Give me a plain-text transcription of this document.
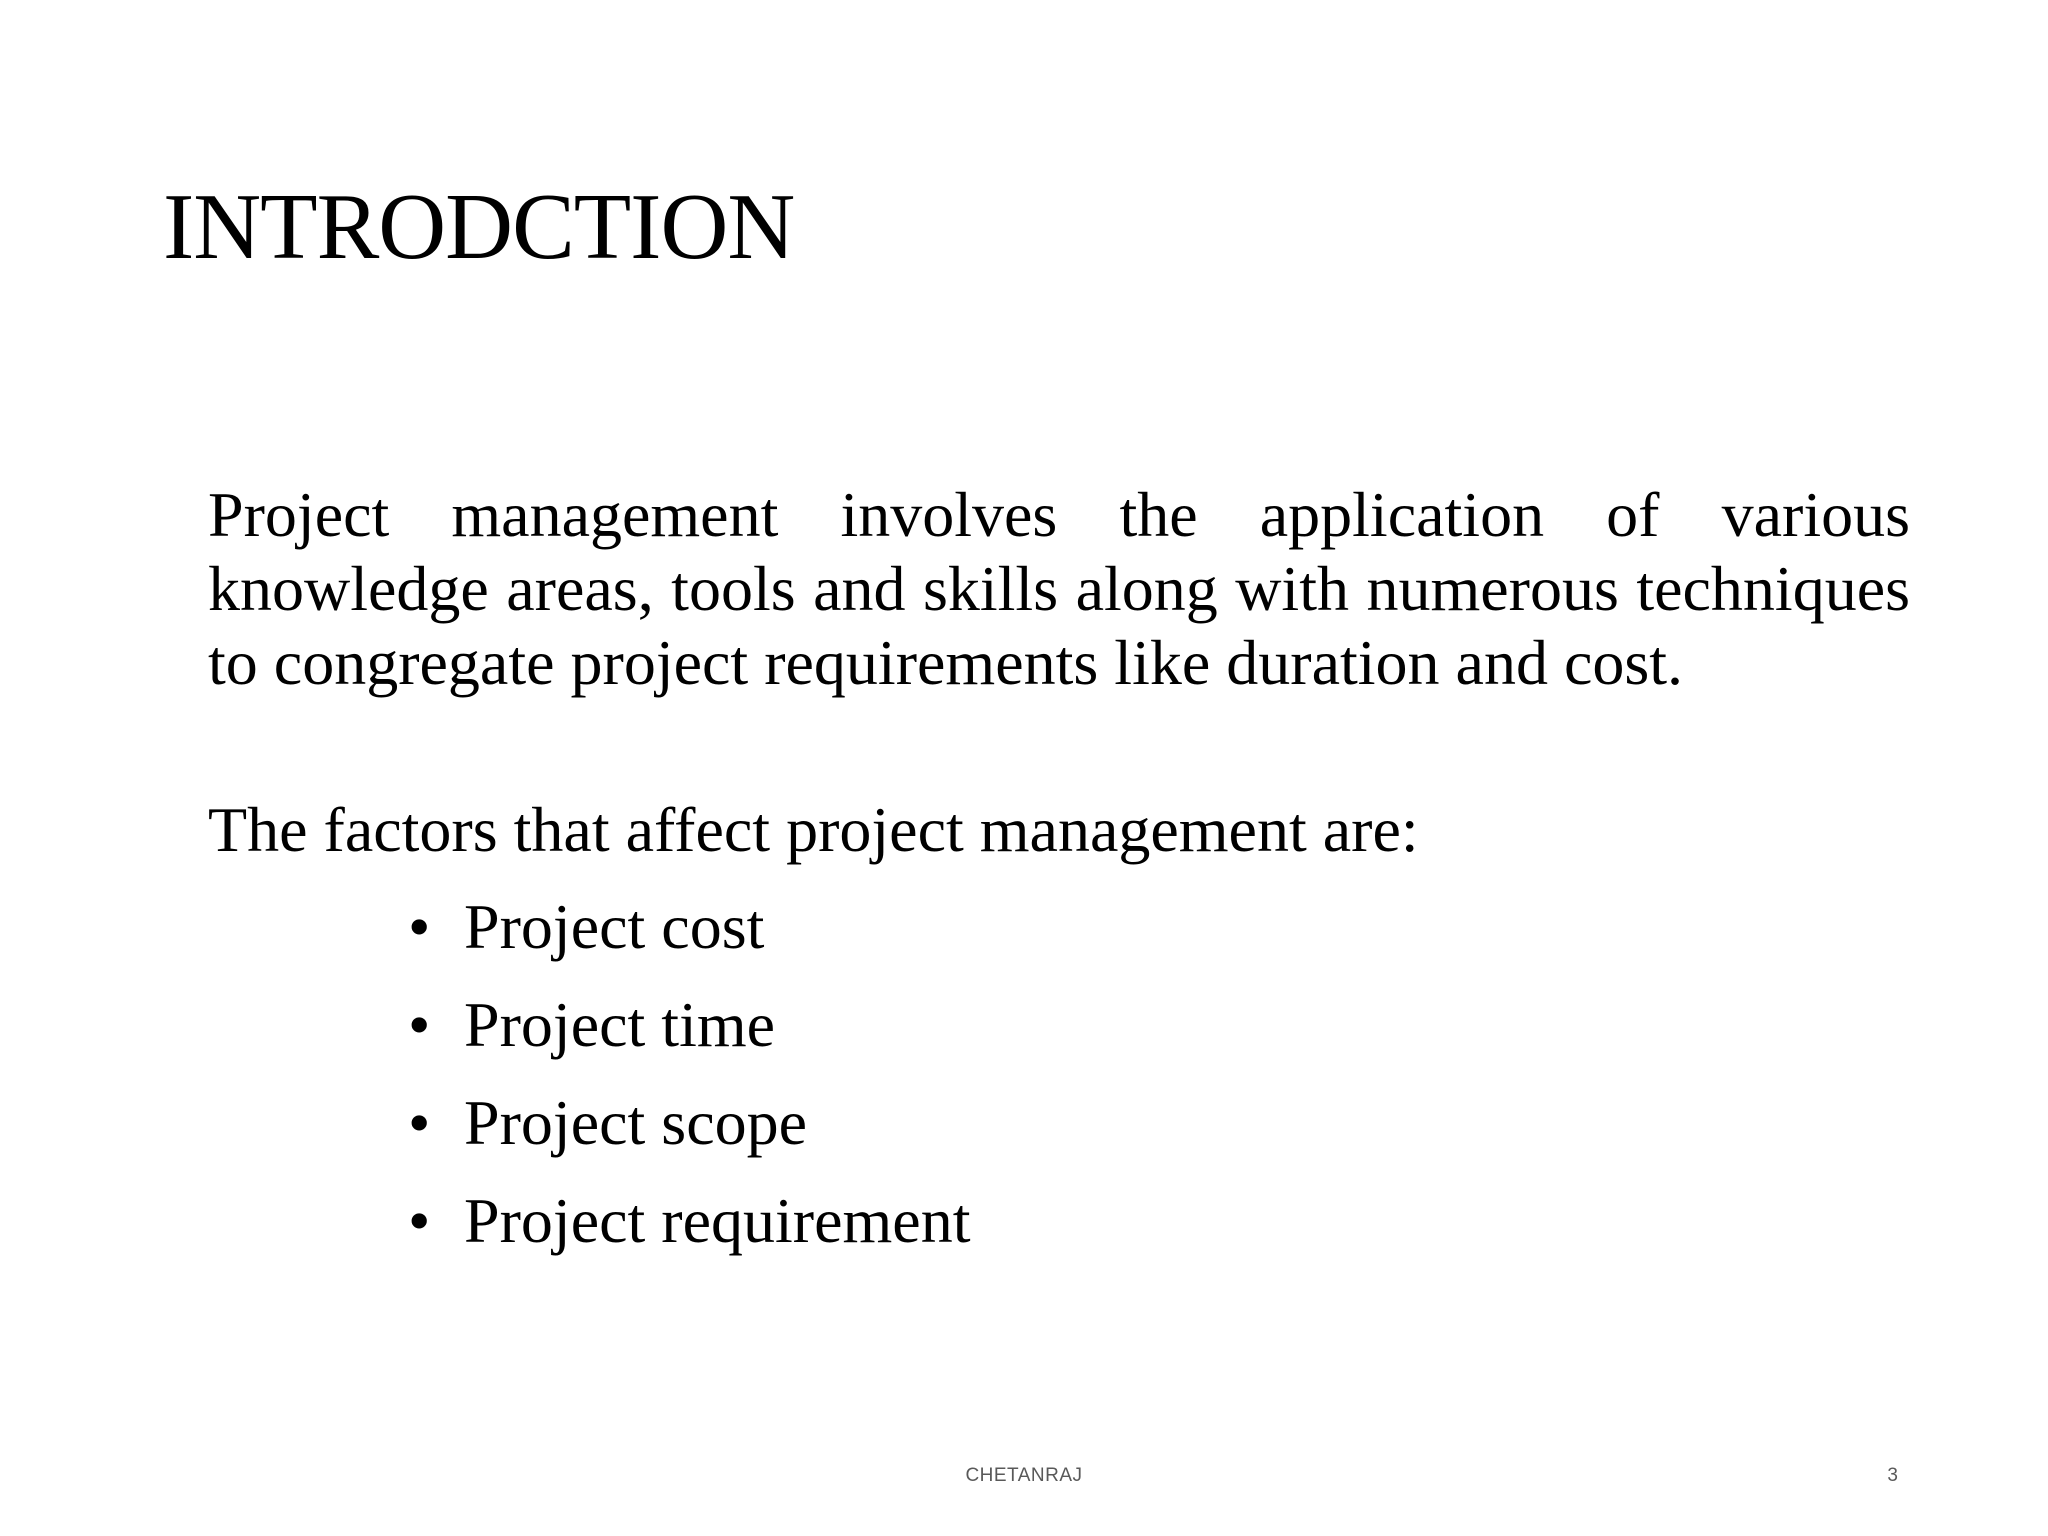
INTRODCTION

Project management involves the application of various knowledge areas, tools and skills along with numerous techniques to congregate project requirements like duration and cost.

The factors that affect project management are:

• Project cost
• Project time
• Project scope
• Project requirement
CHETANRAJ	3
